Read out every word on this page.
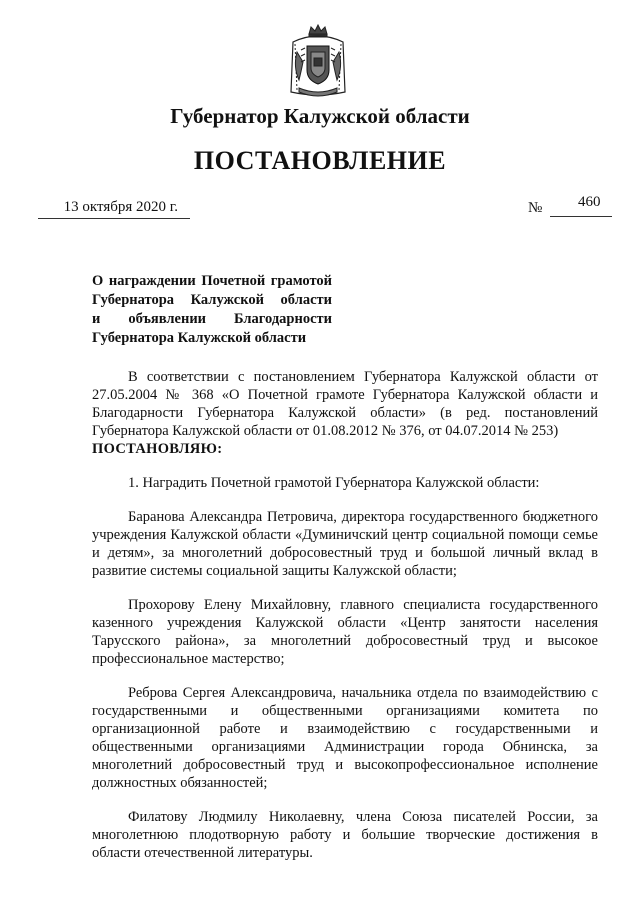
Губернатор Калужской области
ПОСТАНОВЛЕНИЕ
13 октября 2020 г.	№ 460
О награждении Почетной грамотой
Губернатора Калужской области
и объявлении Благодарности
Губернатора Калужской области

В соответствии с постановлением Губернатора Калужской области от 27.05.2004 № 368 «О Почетной грамоте Губернатора Калужской области и Благодарности Губернатора Калужской области» (в ред. постановлений Губернатора Калужской области от 01.08.2012 № 376, от 04.07.2014 № 253)

ПОСТАНОВЛЯЮ:

1. Наградить Почетной грамотой Губернатора Калужской области:

Баранова Александра Петровича, директора государственного бюджетного учреждения Калужской области «Думиничский центр социальной помощи семье и детям», за многолетний добросовестный труд и большой личный вклад в развитие системы социальной защиты Калужской области;

Прохорову Елену Михайловну, главного специалиста государственного казенного учреждения Калужской области «Центр занятости населения Тарусского района», за многолетний добросовестный труд и высокое профессиональное мастерство;

Реброва Сергея Александровича, начальника отдела по взаимодействию с государственными и общественными организациями комитета по организационной работе и взаимодействию с государственными и общественными организациями Администрации города Обнинска, за многолетний добросовестный труд и высокопрофессиональное исполнение должностных обязанностей;

Филатову Людмилу Николаевну, члена Союза писателей России, за многолетнюю плодотворную работу и большие творческие достижения в области отечественной литературы.
